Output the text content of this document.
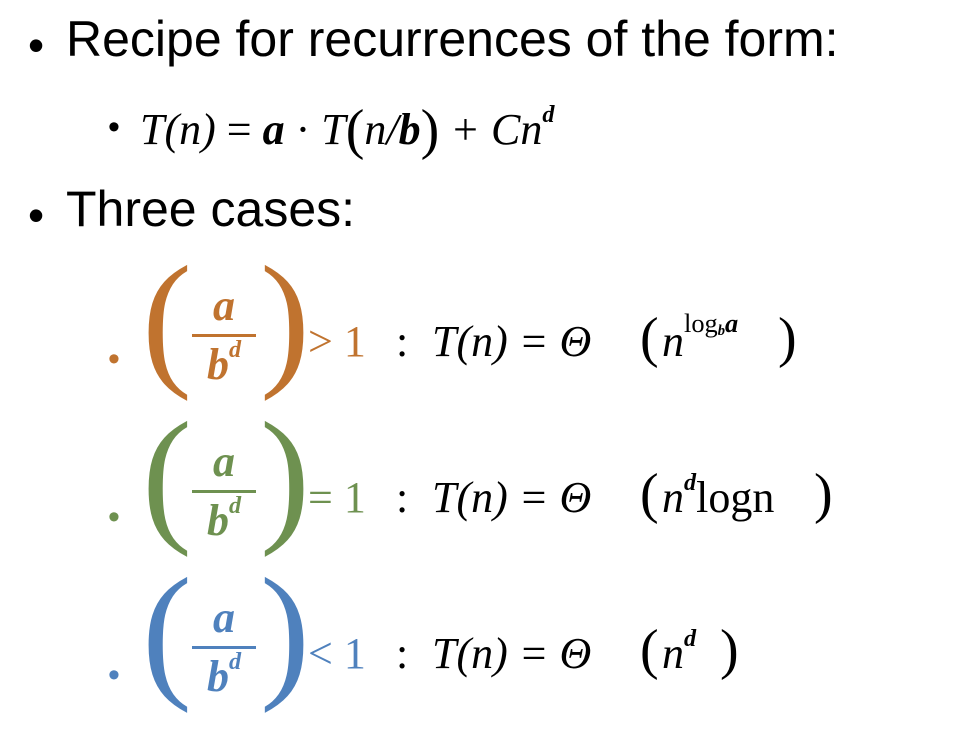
• Recipe for recurrences of the form:
• $T(n) = a \cdot T(n/b) + Cn^d$
• Three cases:
• ( a
$b^d$ )
> 1 : T(n) = Θ ( $n^{log_ba}$ )
• ( a
$b^d$ )
= 1 : T(n) = Θ ( $n^d\log n$ )
• ( a
$b^d$ )
< 1 : T(n) = Θ ( $n^d$ )
